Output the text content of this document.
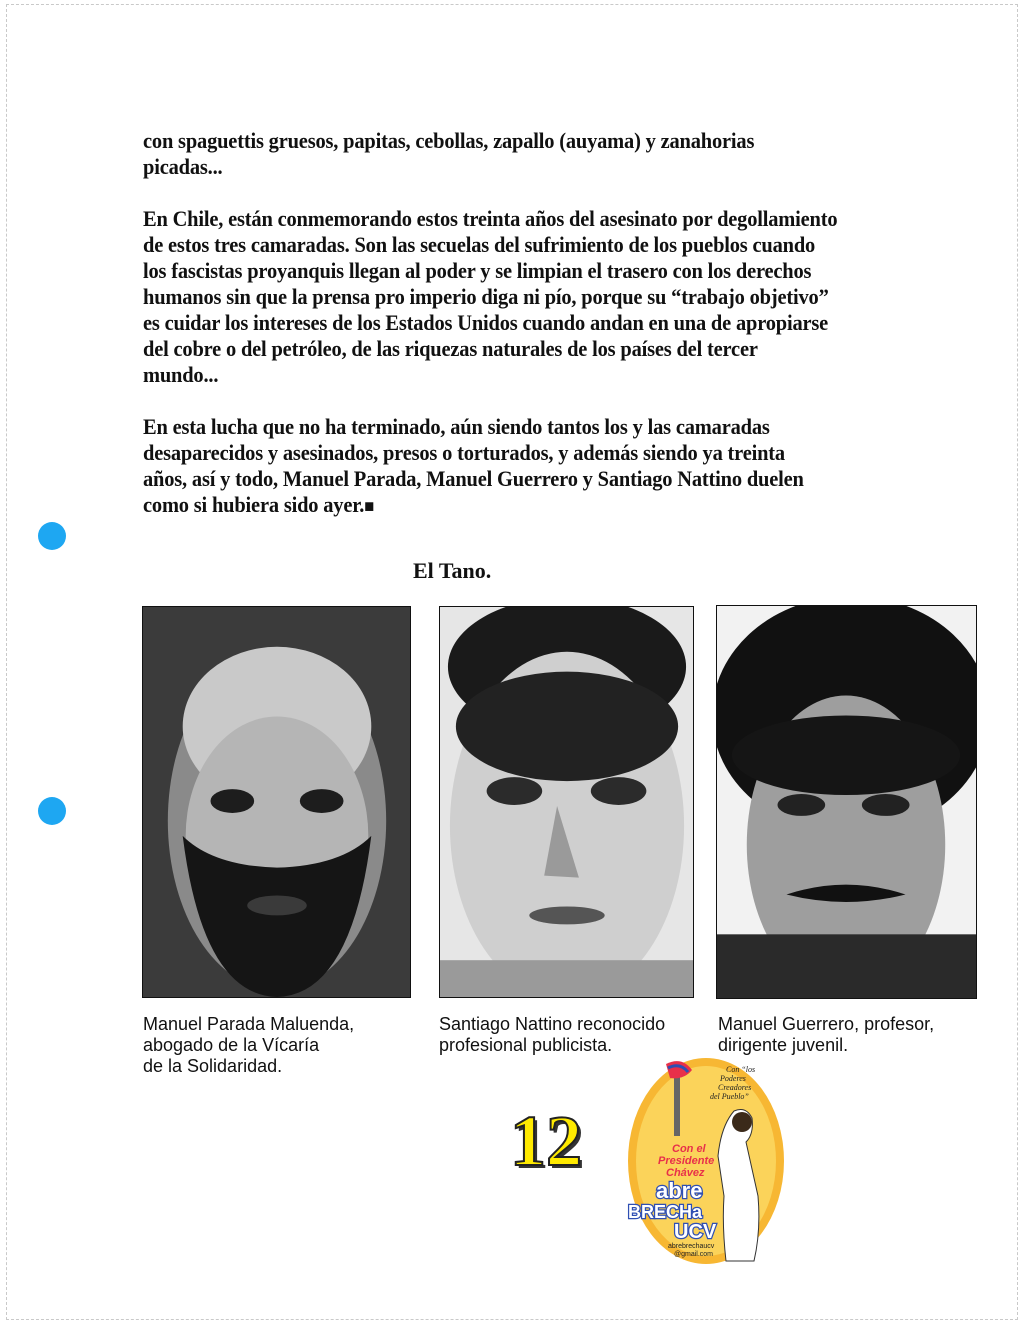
con spaguettis gruesos, papitas, cebollas, zapallo (auyama) y zanahorias
picadas...

En Chile, están conmemorando estos treinta años del asesinato por degollamiento
de estos tres camaradas. Son las secuelas del sufrimiento de los pueblos cuando
los fascistas proyanquis llegan al poder y se limpian el trasero con los derechos
humanos sin que la prensa pro imperio diga ni pío, porque su “trabajo objetivo”
es cuidar los intereses de los Estados Unidos cuando andan en una de apropiarse
del cobre o del petróleo, de las riquezas naturales de los países del tercer
mundo...

En esta lucha que no ha terminado, aún siendo tantos los y las camaradas
desaparecidos y asesinados, presos o torturados, y además siendo ya treinta
años, así y todo, Manuel Parada, Manuel Guerrero y Santiago Nattino duelen
como si hubiera sido ayer.■

El Tano.
Manuel Parada Maluenda,
abogado de la Vícaría
de la Solidaridad.
Santiago Nattino reconocido
profesional publicista.
Manuel Guerrero, profesor,
dirigente juvenil.
12
Con “los
Poderes
Creadores
del Pueblo”
Con el
Presidente
Chávez
abre
BRECHa
UCV
abrebrechaucv
@gmail.com
